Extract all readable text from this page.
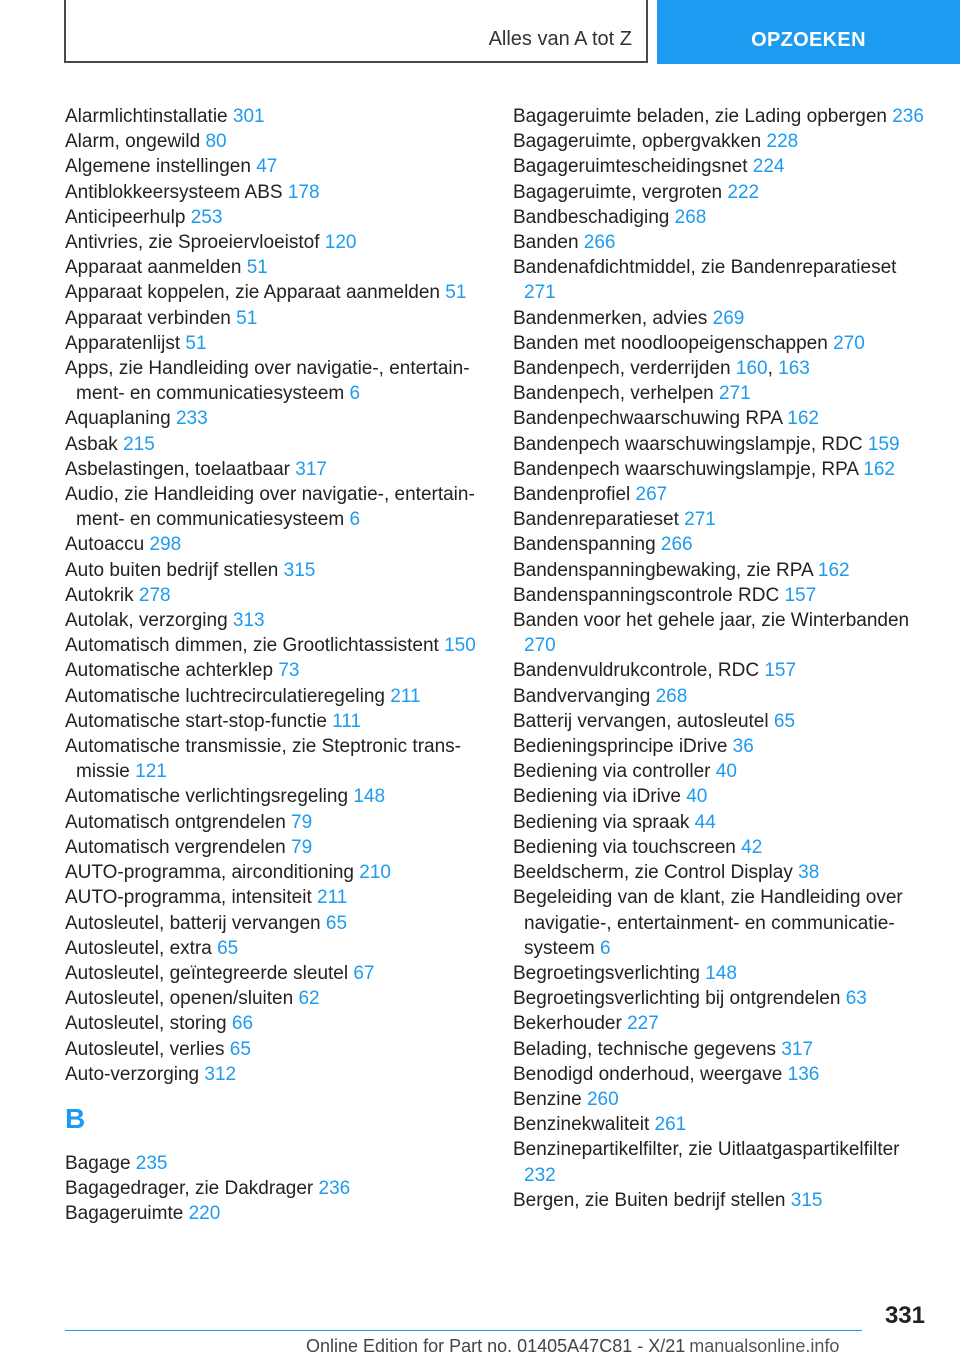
Alles van A tot Z	OPZOEKEN

Alarmlichtinstallatie 301

Alarm, ongewild 80

Algemene instellingen 47

Antiblokkeersysteem ABS 178

Anticipeerhulp 253

Antivries, zie Sproeiervloeistof 120

Apparaat aanmelden 51

Apparaat koppelen, zie Apparaat aanmelden 51

Apparaat verbinden 51

Apparatenlijst 51

Apps, zie Handleiding over navigatie-, entertainment- en communicatiesysteem 6

Aquaplaning 233

Asbak 215

Asbelastingen, toelaatbaar 317

Audio, zie Handleiding over navigatie-, entertainment- en communicatiesysteem 6

Autoaccu 298

Auto buiten bedrijf stellen 315

Autokrik 278

Autolak, verzorging 313

Automatisch dimmen, zie Grootlichtassistent 150

Automatische achterklep 73

Automatische luchtrecirculatieregeling 211

Automatische start-stop-functie 111

Automatische transmissie, zie Steptronic transmissie 121

Automatische verlichtingsregeling 148

Automatisch ontgrendelen 79

Automatisch vergrendelen 79

AUTO-programma, airconditioning 210

AUTO-programma, intensiteit 211

Autosleutel, batterij vervangen 65

Autosleutel, extra 65

Autosleutel, geïntegreerde sleutel 67

Autosleutel, openen/sluiten 62

Autosleutel, storing 66

Autosleutel, verlies 65

Auto-verzorging 312

B

Bagage 235

Bagagedrager, zie Dakdrager 236

Bagageruimte 220

Bagageruimte beladen, zie Lading opbergen 236

Bagageruimte, opbergvakken 228

Bagageruimtescheidingsnet 224

Bagageruimte, vergroten 222

Bandbeschadiging 268

Banden 266

Bandenafdichtmiddel, zie Bandenreparatieset 271

Bandenmerken, advies 269

Banden met noodloopeigenschappen 270

Bandenpech, verderrijden 160, 163

Bandenpech, verhelpen 271

Bandenpechwaarschuwing RPA 162

Bandenpech waarschuwingslampje, RDC 159

Bandenpech waarschuwingslampje, RPA 162

Bandenprofiel 267

Bandenreparatieset 271

Bandenspanning 266

Bandenspanningbewaking, zie RPA 162

Bandenspanningscontrole RDC 157

Banden voor het gehele jaar, zie Winterbanden 270

Bandenvuldrukcontrole, RDC 157

Bandvervanging 268

Batterij vervangen, autosleutel 65

Bedieningsprincipe iDrive 36

Bediening via controller 40

Bediening via iDrive 40

Bediening via spraak 44

Bediening via touchscreen 42

Beeldscherm, zie Control Display 38

Begeleiding van de klant, zie Handleiding over navigatie-, entertainment- en communicatiesysteem 6

Begroetingsverlichting 148

Begroetingsverlichting bij ontgrendelen 63

Bekerhouder 227

Belading, technische gegevens 317

Benodigd onderhoud, weergave 136

Benzine 260

Benzinekwaliteit 261

Benzinepartikelfilter, zie Uitlaatgaspartikelfilter 232

Bergen, zie Buiten bedrijf stellen 315

331
Online Edition for Part no. 01405A47C81 - X/21 manualsonline.info
